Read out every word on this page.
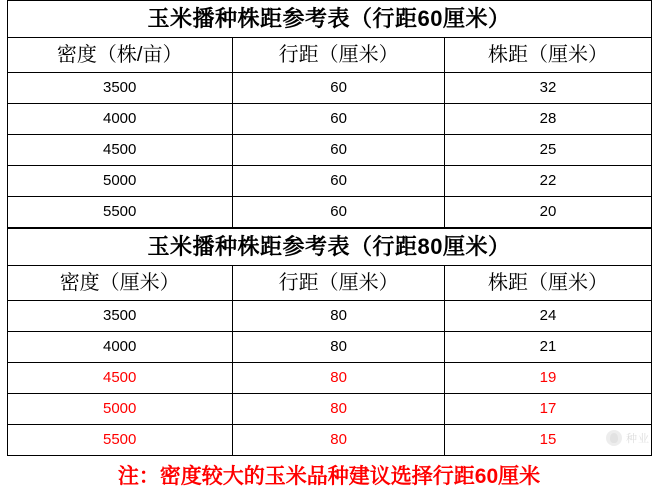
玉米播种株距参考表（行距60厘米）		
密度（株/亩）	行距（厘米）	株距（厘米）
3500	60	32
4000	60	28
4500	60	25
5000	60	22
5500	60	20
玉米播种株距参考表（行距80厘米）		
密度（厘米）	行距（厘米）	株距（厘米）
3500	80	24
4000	80	21
4500	80	19
5000	80	17
5500	80	15
注：密度较大的玉米品种建议选择行距60厘米
种业
